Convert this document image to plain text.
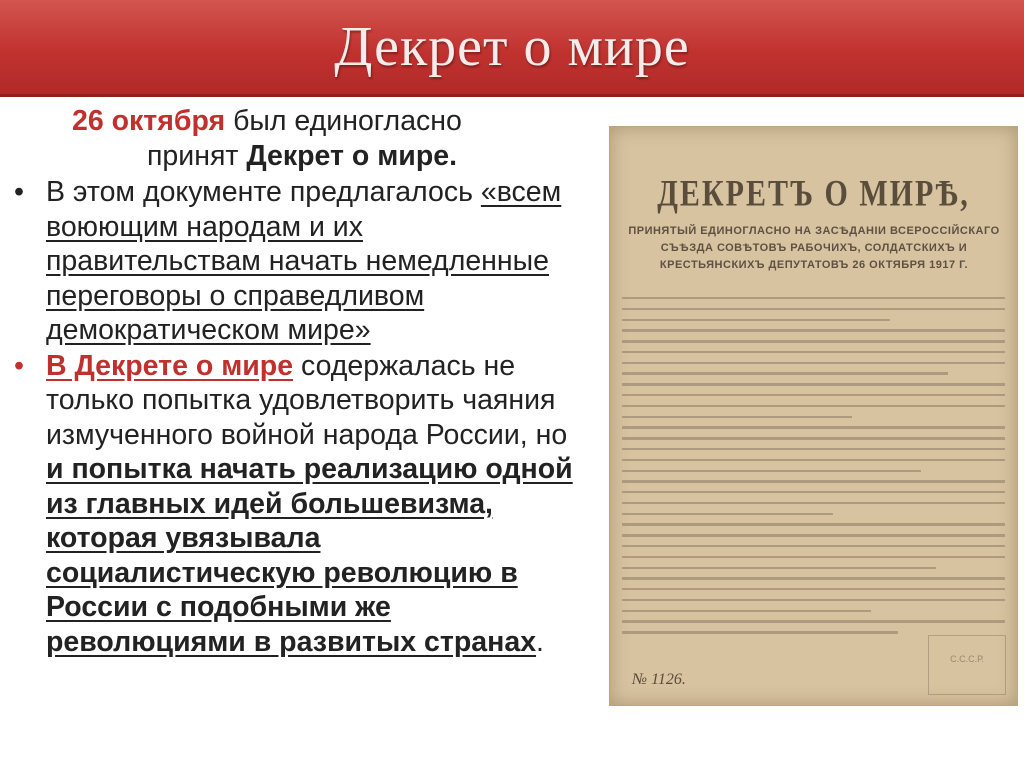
Декрет о мире
26 октября был единогласно
принят Декрет о мире.
• В этом документе предлагалось «всем воюющим народам и их правительствам начать немедленные переговоры о справедливом демократическом мире»
• В Декрете о мире содержалась не только попытка удовлетворить чаяния измученного войной народа России, но и попытка начать реализацию одной из главных идей большевизма, которая увязывала социалистическую революцию в России с подобными же революциями в развитых странах.
ДЕКРЕТЪ О МИРѢ,
ПРИНЯТЫЙ ЕДИНОГЛАСНО НА ЗАСѢДАНІИ ВСЕРОССІЙСКАГО СЪѢЗДА СОВѢТОВЪ РАБОЧИХЪ, СОЛДАТСКИХЪ И КРЕСТЬЯНСКИХЪ ДЕПУТАТОВЪ 26 ОКТЯБРЯ 1917 Г.
С.С.С.Р.
№ 1126.
